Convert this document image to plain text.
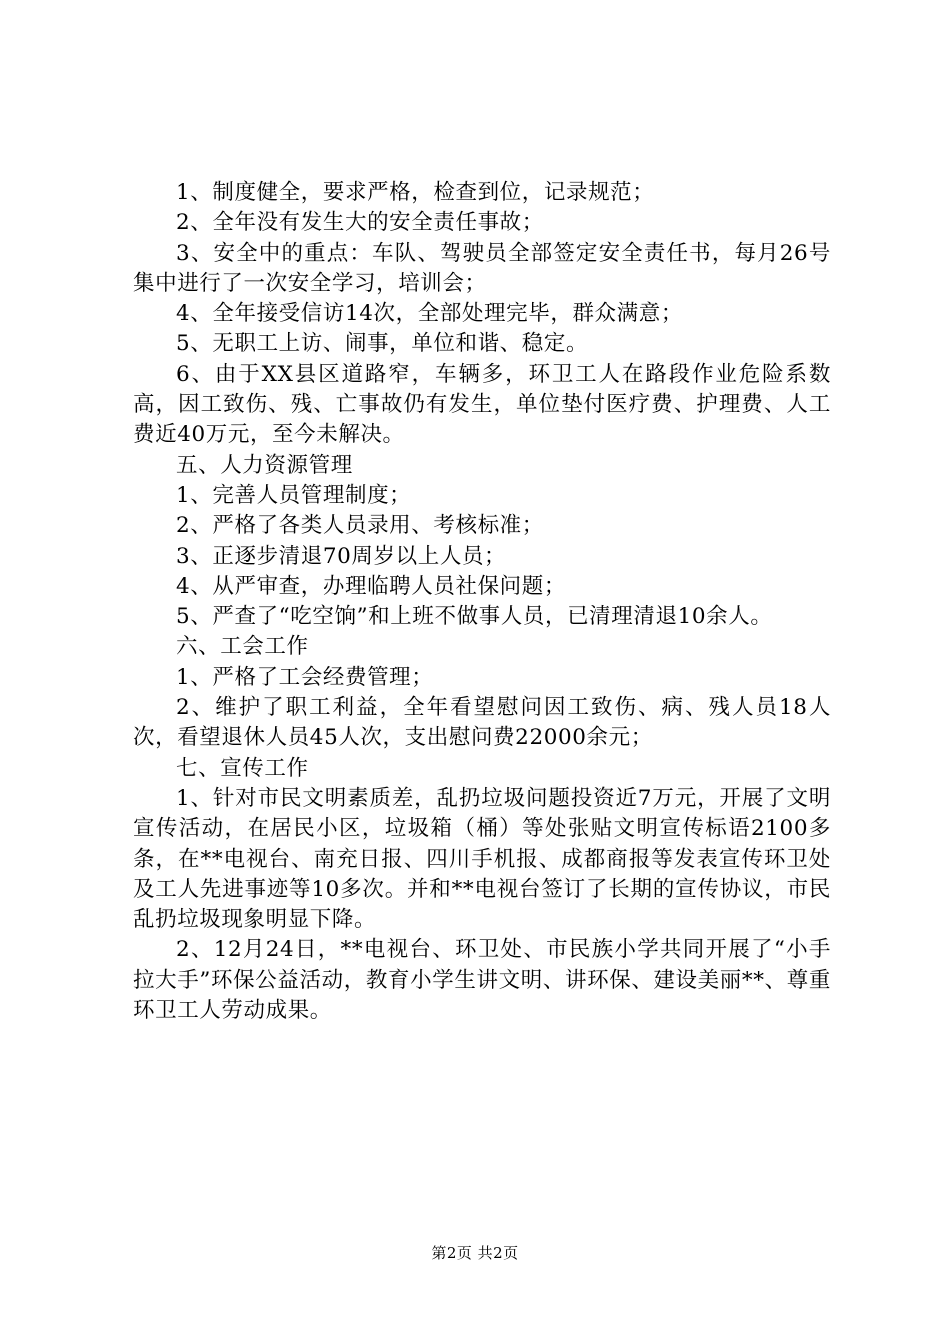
1、制度健全，要求严格，检查到位，记录规范；

2、全年没有发生大的安全责任事故；

3、安全中的重点：车队、驾驶员全部签定安全责任书，每月26号集中进行了一次安全学习，培训会；

4、全年接受信访14次，全部处理完毕，群众满意；

5、无职工上访、闹事，单位和谐、稳定。

6、由于XX县区道路窄，车辆多，环卫工人在路段作业危险系数高，因工致伤、残、亡事故仍有发生，单位垫付医疗费、护理费、人工费近40万元，至今未解决。

五、人力资源管理

1、完善人员管理制度；

2、严格了各类人员录用、考核标准；

3、正逐步清退70周岁以上人员；

4、从严审查，办理临聘人员社保问题；

5、严查了“吃空饷”和上班不做事人员，已清理清退10余人。

六、工会工作

1、严格了工会经费管理；

2、维护了职工利益，全年看望慰问因工致伤、病、残人员18人次，看望退休人员45人次，支出慰问费22000余元；

七、宣传工作

1、针对市民文明素质差，乱扔垃圾问题投资近7万元，开展了文明宣传活动，在居民小区，垃圾箱（桶）等处张贴文明宣传标语2100多条，在**电视台、南充日报、四川手机报、成都商报等发表宣传环卫处及工人先进事迹等10多次。并和**电视台签订了长期的宣传协议，市民乱扔垃圾现象明显下降。

2、12月24日，**电视台、环卫处、市民族小学共同开展了“小手拉大手”环保公益活动，教育小学生讲文明、讲环保、建设美丽**、尊重环卫工人劳动成果。

第2页 共2页
